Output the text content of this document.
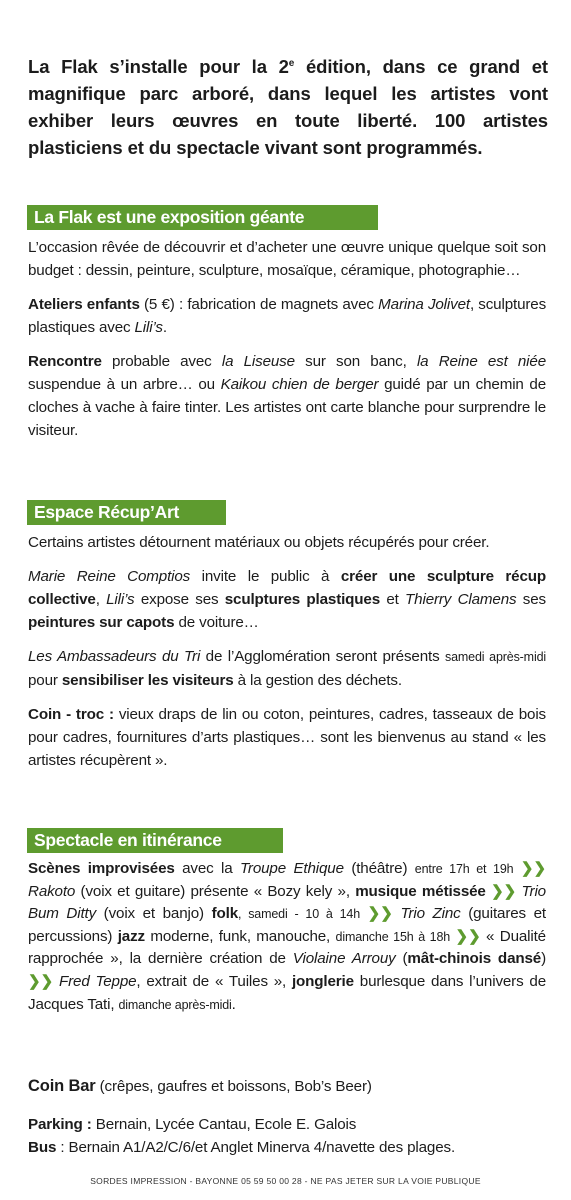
La Flak s’installe pour la 2e édition, dans ce grand et magnifique parc arboré, dans lequel les artistes vont exhiber leurs œuvres en toute liberté. 100 artistes plasticiens et du spectacle vivant sont programmés.
La Flak est une exposition géante

L’occasion rêvée de découvrir et d’acheter une œuvre unique quelque soit son budget : dessin, peinture, sculpture, mosaïque, céramique, photographie…

Ateliers enfants (5 €) : fabrication de magnets avec Marina Jolivet, sculptures plastiques avec Lili’s.

Rencontre probable avec la Liseuse sur son banc, la Reine est niée suspendue à un arbre… ou Kaikou chien de berger guidé par un chemin de cloches à vache à faire tinter. Les artistes ont carte blanche pour surprendre le visiteur.

Espace Récup’Art

Certains artistes détournent matériaux ou objets récupérés pour créer.

Marie Reine Comptios invite le public à créer une sculpture récup collective, Lili’s expose ses sculptures plastiques et Thierry Clamens ses peintures sur capots de voiture…

Les Ambassadeurs du Tri de l’Agglomération seront présents samedi après-midi pour sensibiliser les visiteurs à la gestion des déchets.

Coin - troc : vieux draps de lin ou coton, peintures, cadres, tasseaux de bois pour cadres, fournitures d’arts plastiques… sont les bienvenus au stand « les artistes récupèrent ».

Spectacle en itinérance

Scènes improvisées avec la Troupe Ethique (théâtre) entre 17h et 19h ❯❯ Rakoto (voix et guitare) présente « Bozy kely », musique métissée ❯❯ Trio Bum Ditty (voix et banjo) folk, samedi - 10 à 14h ❯❯ Trio Zinc (guitares et percussions) jazz moderne, funk, manouche, dimanche 15h à 18h ❯❯ « Dualité rapprochée », la dernière création de Violaine Arrouy (mât-chinois dansé) ❯❯ Fred Teppe, extrait de « Tuiles », jonglerie burlesque dans l’univers de Jacques Tati, dimanche après-midi.

Coin Bar (crêpes, gaufres et boissons, Bob’s Beer)

Parking : Bernain, Lycée Cantau, Ecole E. Galois

Bus : Bernain A1/A2/C/6/et Anglet Minerva 4/navette des plages.

SORDES IMPRESSION - BAYONNE 05 59 50 00 28 - NE PAS JETER SUR LA VOIE PUBLIQUE
